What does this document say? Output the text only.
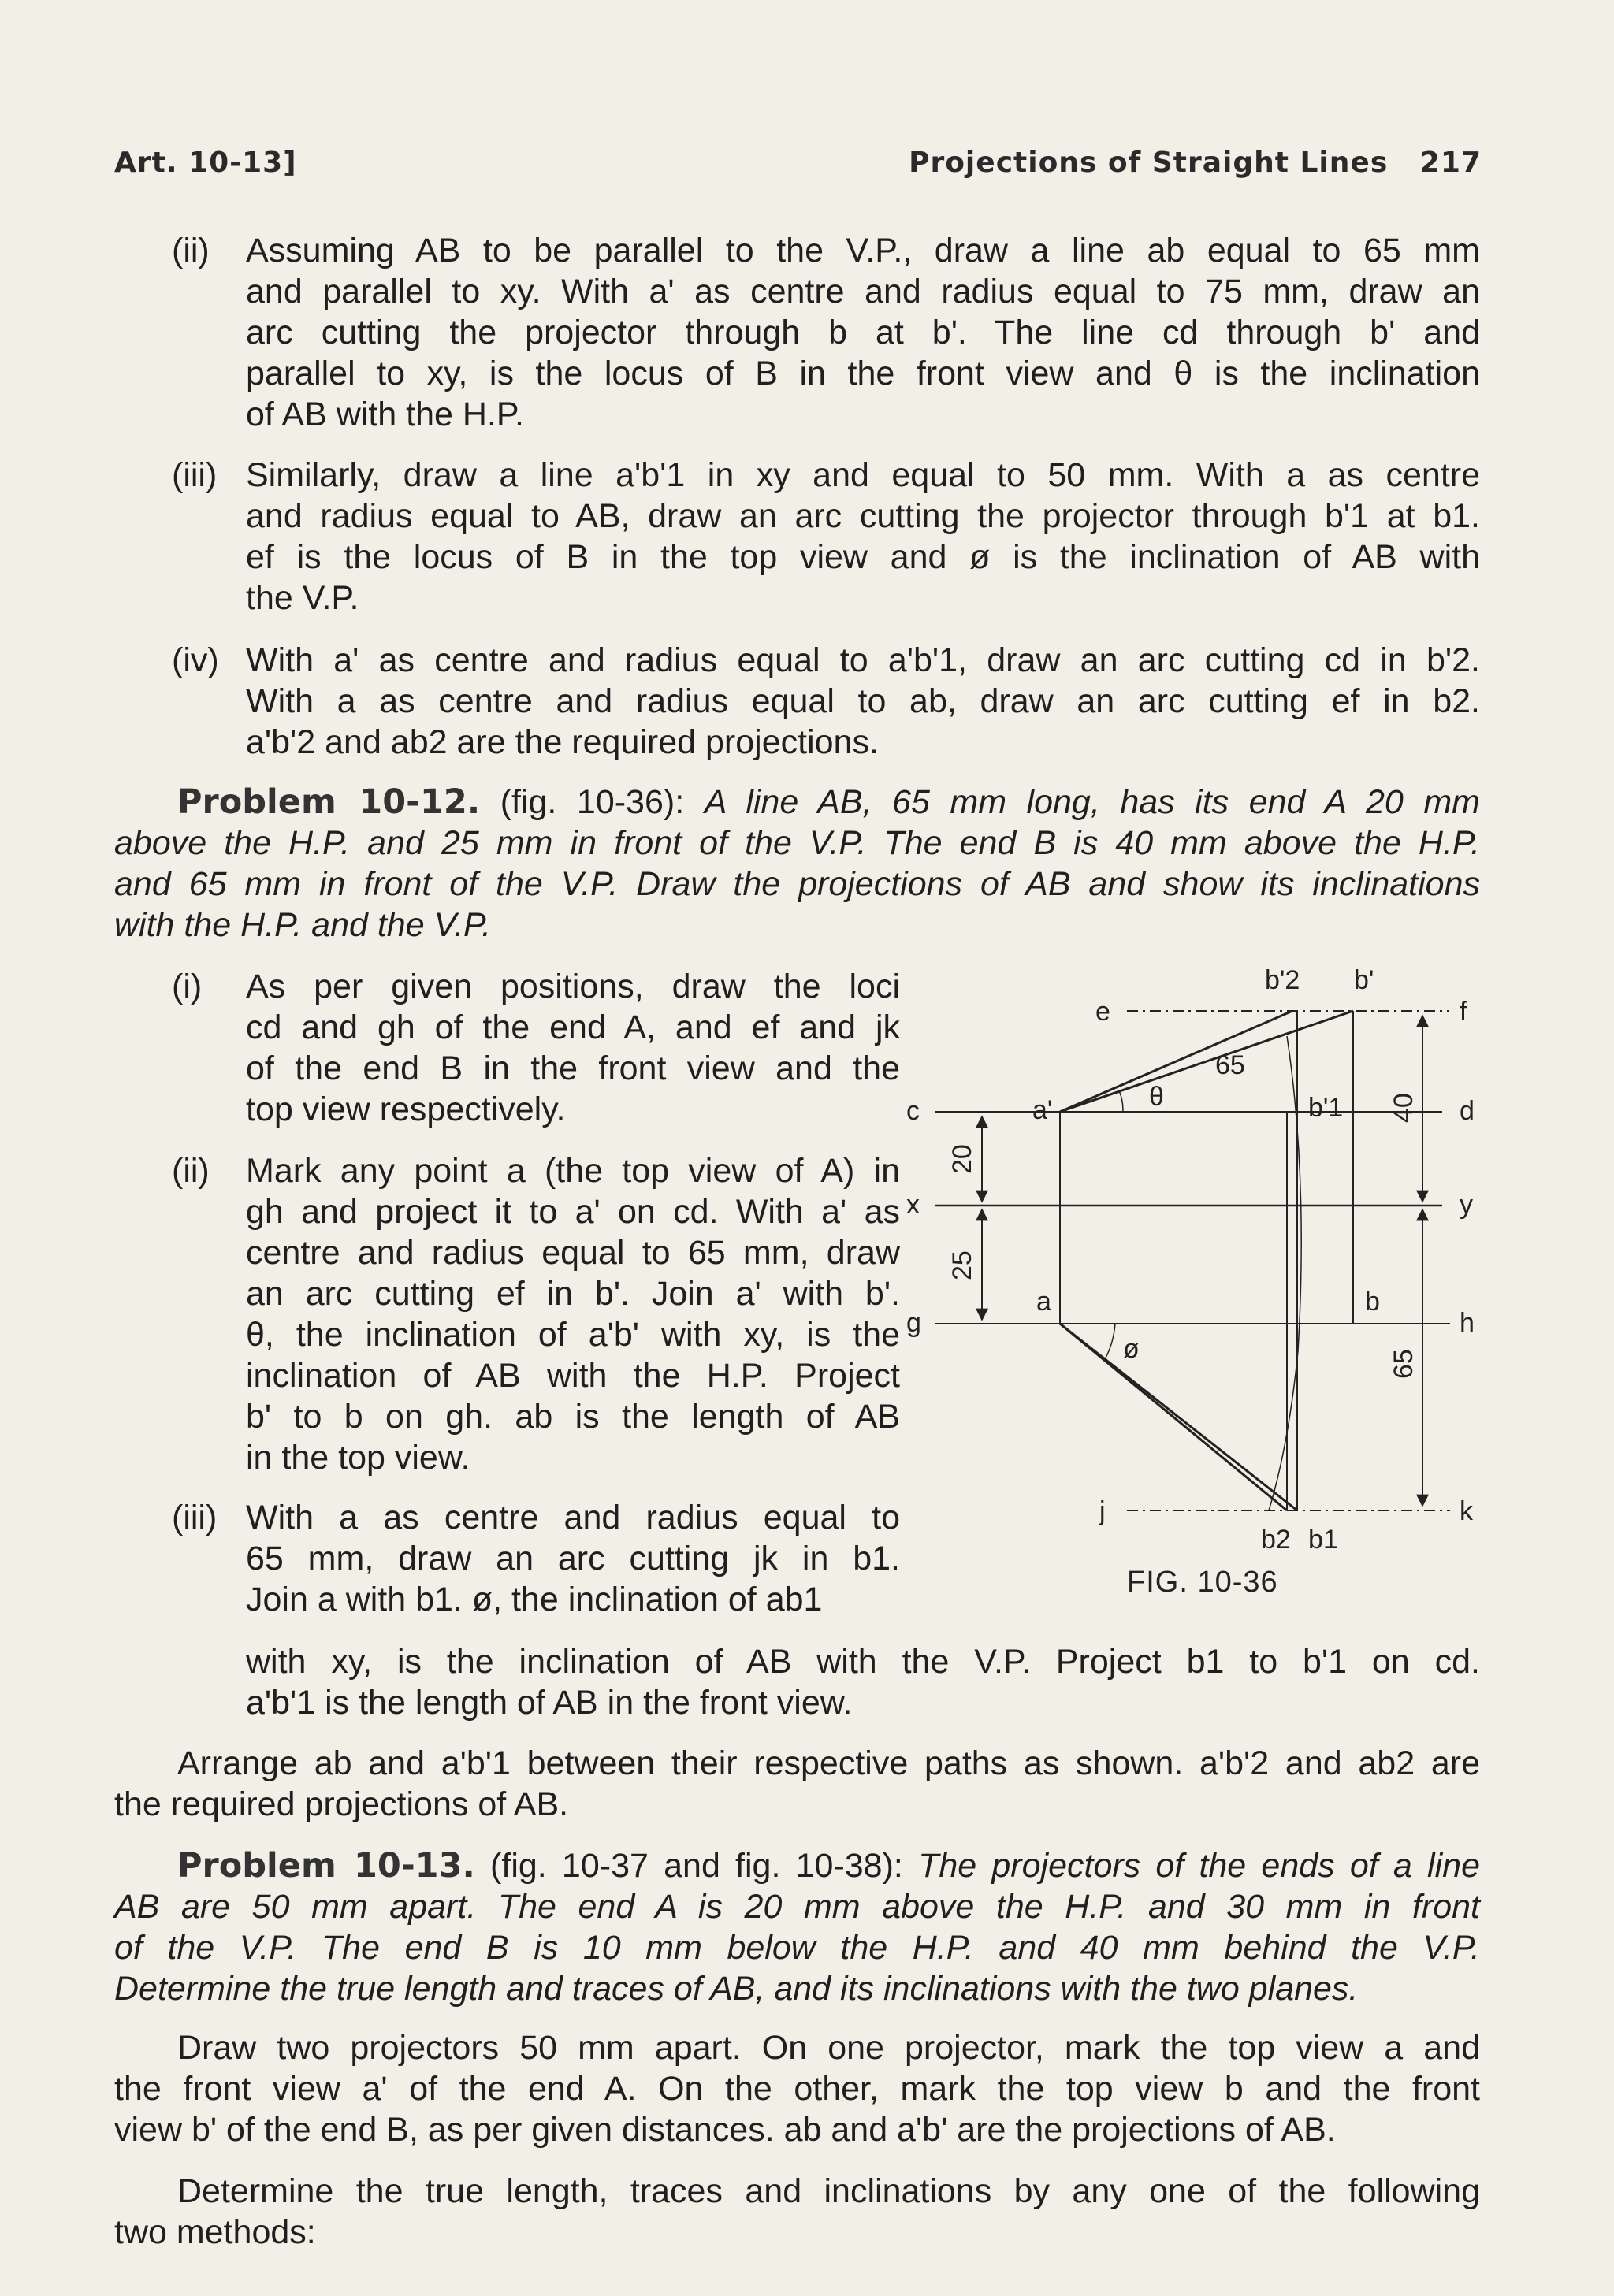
Art. 10-13]	Projections of Straight Lines   217
(ii) Assuming AB to be parallel to the V.P., draw a line ab equal to 65 mm
and parallel to xy. With a' as centre and radius equal to 75 mm, draw an
arc cutting the projector through b at b'. The line cd through b' and
parallel to xy, is the locus of B in the front view and θ is the inclination
of AB with the H.P.
(iii) Similarly, draw a line a'b'1 in xy and equal to 50 mm. With a as centre
and radius equal to AB, draw an arc cutting the projector through b'1 at b1.
ef is the locus of B in the top view and ø is the inclination of AB with
the V.P.
(iv) With a' as centre and radius equal to a'b'1, draw an arc cutting cd in b'2.
With a as centre and radius equal to ab, draw an arc cutting ef in b2.
a'b'2 and ab2 are the required projections.
Problem 10-12. (fig. 10-36): A line AB, 65 mm long, has its end A 20 mm
above the H.P. and 25 mm in front of the V.P. The end B is 40 mm above the H.P.
and 65 mm in front of the V.P. Draw the projections of AB and show its inclinations
with the H.P. and the V.P.
(i) As per given positions, draw the loci
cd and gh of the end A, and ef and jk
of the end B in the front view and the
top view respectively.
(ii) Mark any point a (the top view of A) in
gh and project it to a' on cd. With a' as
centre and radius equal to 65 mm, draw
an arc cutting ef in b'. Join a' with b'.
θ, the inclination of a'b' with xy, is the
inclination of AB with the H.P. Project
b' to b on gh. ab is the length of AB
in the top view.
(iii) With a as centre and radius equal to
65 mm, draw an arc cutting jk in b1.
Join a with b1. ø, the inclination of ab1
with xy, is the inclination of AB with the V.P. Project b1 to b'1 on cd.
a'b'1 is the length of AB in the front view.
Arrange ab and a'b'1 between their respective paths as shown. a'b'2 and ab2 are
the required projections of AB.
Problem 10-13. (fig. 10-37 and fig. 10-38): The projectors of the ends of a line
AB are 50 mm apart. The end A is 20 mm above the H.P. and 30 mm in front
of the V.P. The end B is 10 mm below the H.P. and 40 mm behind the V.P.
Determine the true length and traces of AB, and its inclinations with the two planes.
Draw two projectors 50 mm apart. On one projector, mark the top view a and
the front view a' of the end A. On the other, mark the top view b and the front
view b' of the end B, as per given distances. ab and a'b' are the projections of AB.
Determine the true length, traces and inclinations by any one of the following
two methods:
e	f
c	d
x	y
g	h
j	k
a'
a
b'
b'2
b'1
b
b2 b1
θ
ø
65
20
25
40
65
FIG. 10-36
